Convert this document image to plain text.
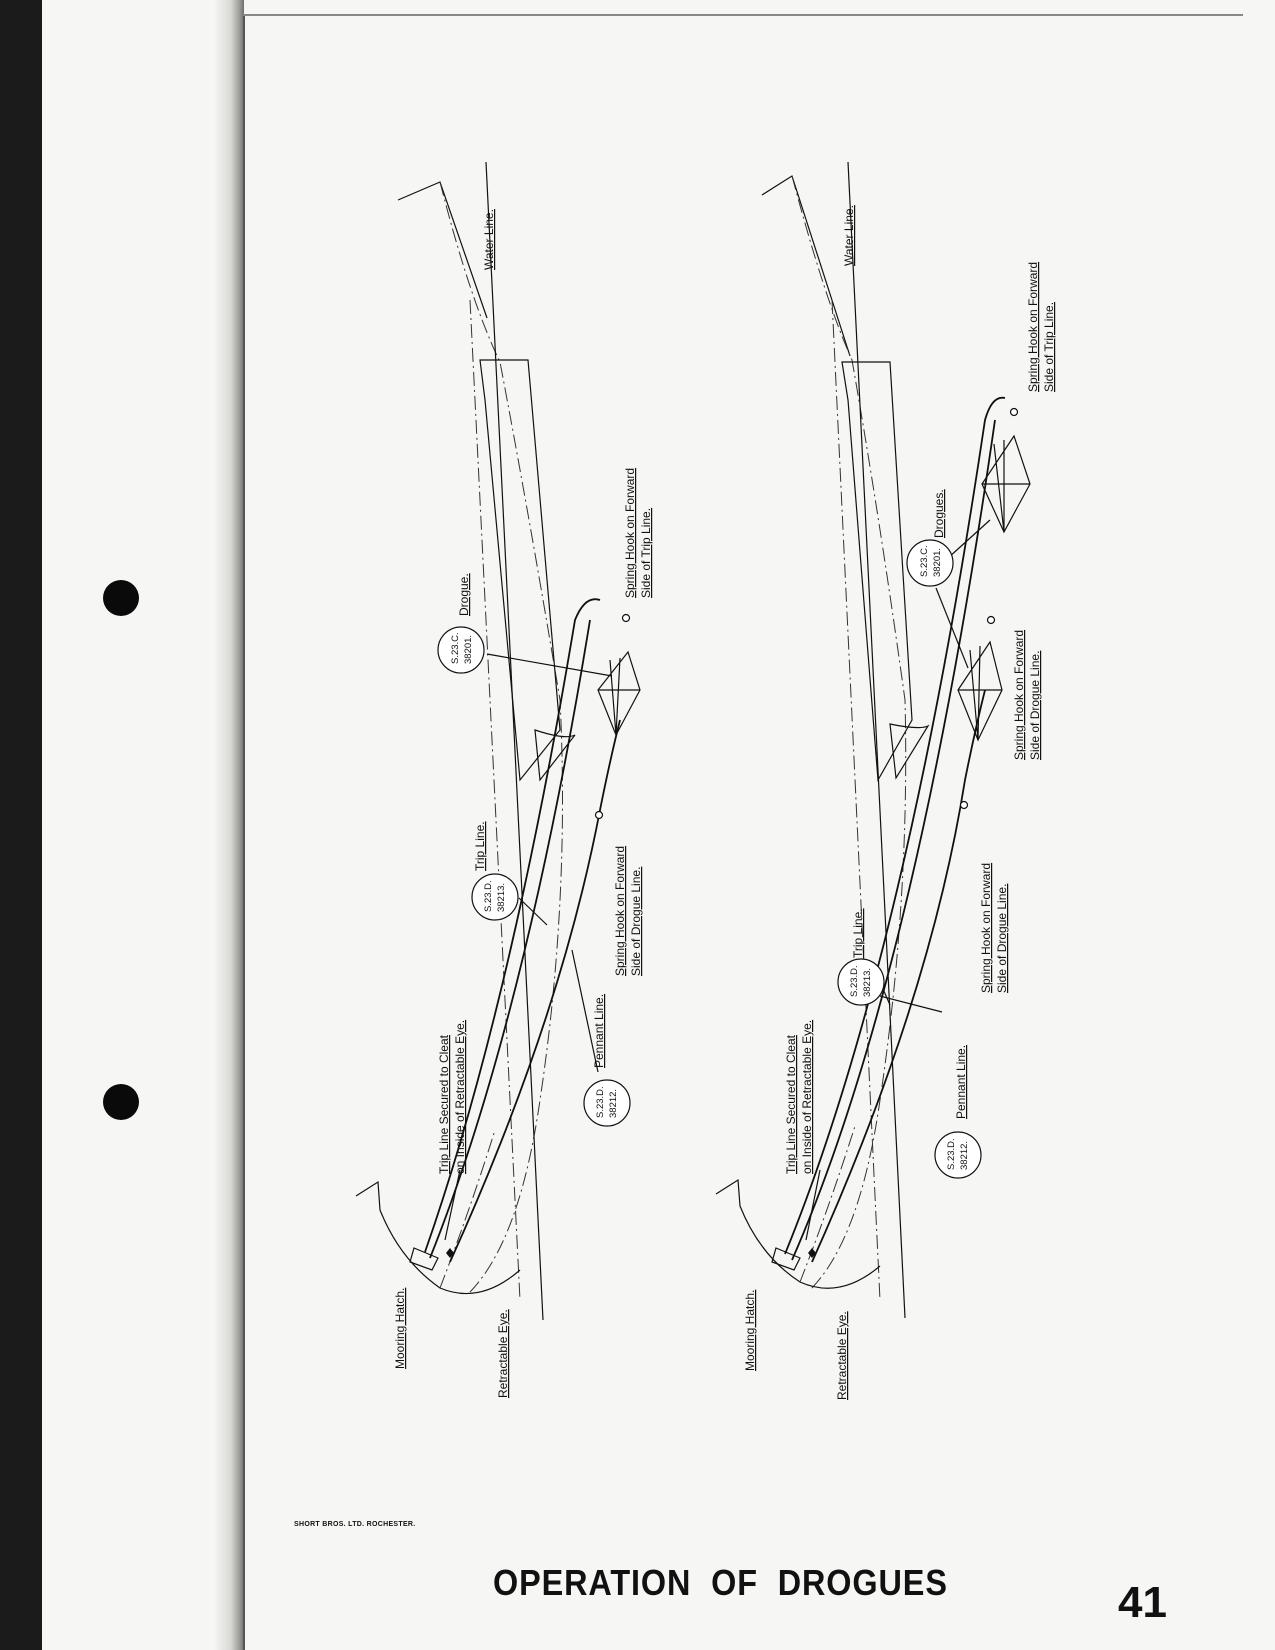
S.23.C. 38201.
S.23.D. 38213.
S.23.D. 38212.
Water Line.
Drogue.	Spring Hook on Forward Side of Trip Line.
Spring Hook on Forward Side of Drogue Line.
Trip Line.
Trip Line Secured to Cleat on Inside of Retractable Eye.	Pennant Line.
Mooring Hatch.	Retractable Eye.
S.23.C. 38201.
S.23.D. 38213.
S.23.D. 38212.
Water Line.
Drogues.
Spring Hook on Forward Side of Trip Line.
Spring Hook on Forward Side of Drogue Line.
Spring Hook on Forward Side of Drogue Line.
Trip Line.
Trip Line Secured to Cleat on Inside of Retractable Eye.	Pennant Line.
Mooring Hatch.	Retractable Eye.
SHORT BROS. LTD. ROCHESTER.
OPERATION  OF  DROGUES	41
